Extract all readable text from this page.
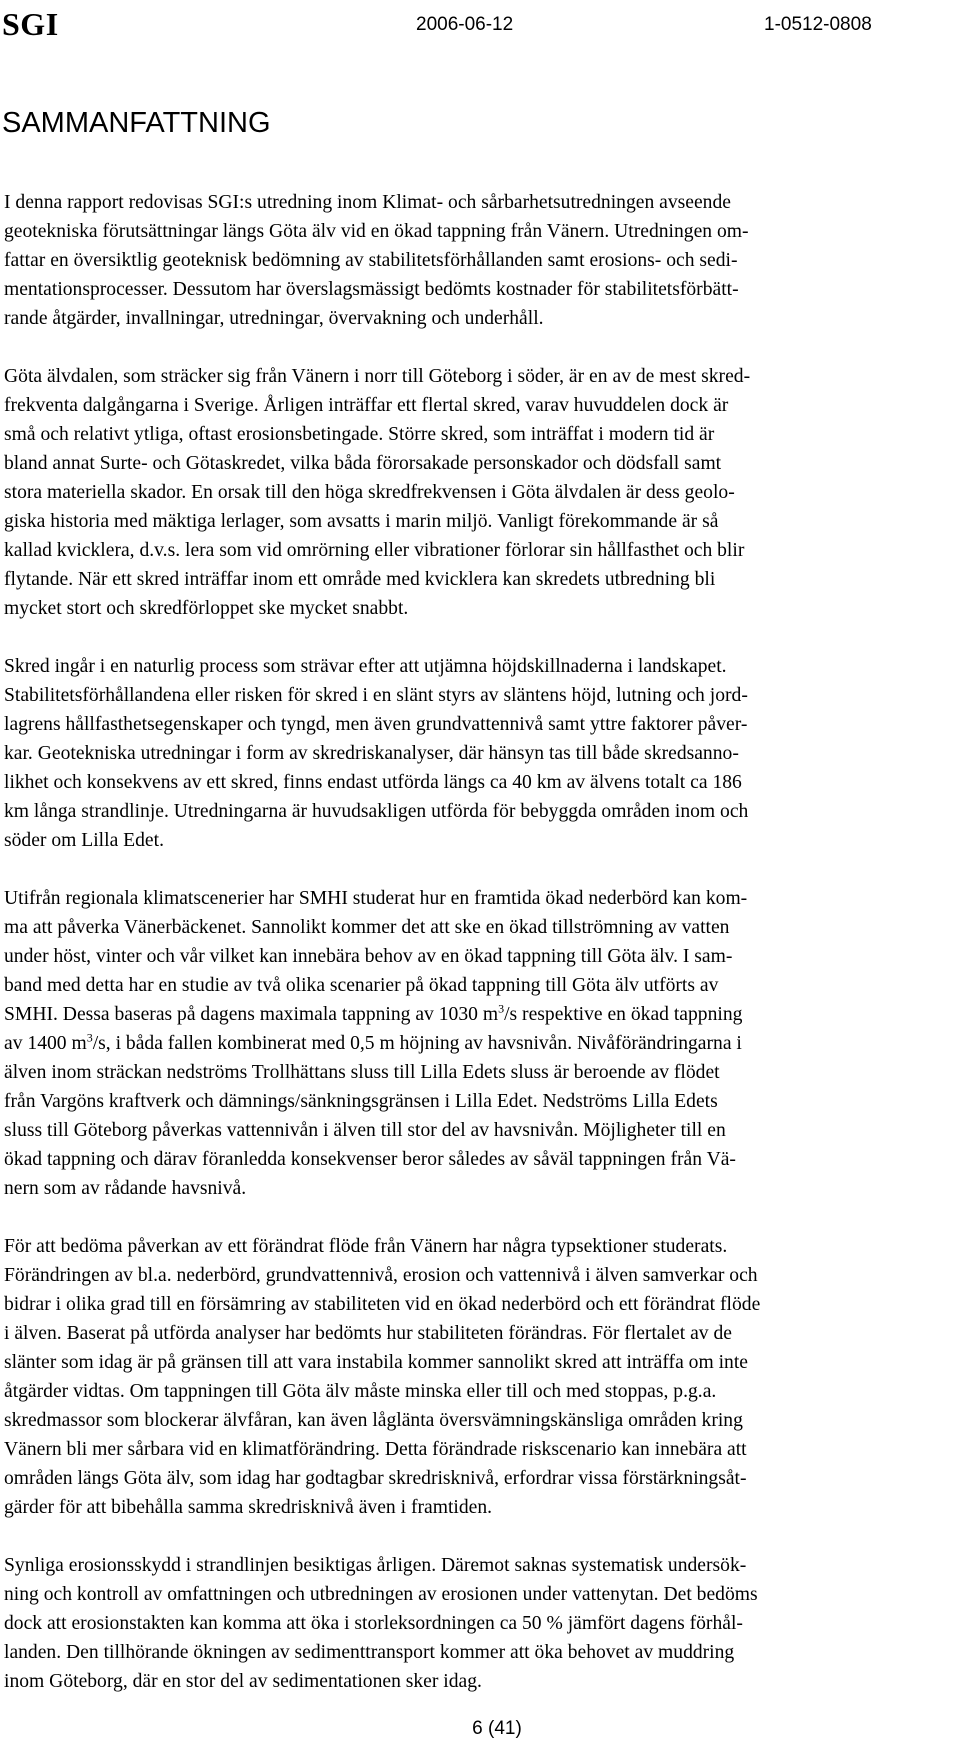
SGI	2006-06-12	1-0512-0808
SAMMANFATTNING

I denna rapport redovisas SGI:s utredning inom Klimat- och sårbarhetsutredningen avseende
geotekniska förutsättningar längs Göta älv vid en ökad tappning från Vänern. Utredningen om-
fattar en översiktlig geoteknisk bedömning av stabilitetsförhållanden samt erosions- och sedi-
mentationsprocesser. Dessutom har överslagsmässigt bedömts kostnader för stabilitetsförbätt-
rande åtgärder, invallningar, utredningar, övervakning och underhåll.

Göta älvdalen, som sträcker sig från Vänern i norr till Göteborg i söder, är en av de mest skred-
frekventa dalgångarna i Sverige. Årligen inträffar ett flertal skred, varav huvuddelen dock är
små och relativt ytliga, oftast erosionsbetingade. Större skred, som inträffat i modern tid är
bland annat Surte- och Götaskredet, vilka båda förorsakade personskador och dödsfall samt
stora materiella skador. En orsak till den höga skredfrekvensen i Göta älvdalen är dess geolo-
giska historia med mäktiga lerlager, som avsatts i marin miljö. Vanligt förekommande är så
kallad kvicklera, d.v.s. lera som vid omrörning eller vibrationer förlorar sin hållfasthet och blir
flytande. När ett skred inträffar inom ett område med kvicklera kan skredets utbredning bli
mycket stort och skredförloppet ske mycket snabbt.

Skred ingår i en naturlig process som strävar efter att utjämna höjdskillnaderna i landskapet.
Stabilitetsförhållandena eller risken för skred i en slänt styrs av släntens höjd, lutning och jord-
lagrens hållfasthetsegenskaper och tyngd, men även grundvattennivå samt yttre faktorer påver-
kar. Geotekniska utredningar i form av skredriskanalyser, där hänsyn tas till både skredsanno-
likhet och konsekvens av ett skred, finns endast utförda längs ca 40 km av älvens totalt ca 186
km långa strandlinje. Utredningarna är huvudsakligen utförda för bebyggda områden inom och
söder om Lilla Edet.

Utifrån regionala klimatscenerier har SMHI studerat hur en framtida ökad nederbörd kan kom-
ma att påverka Vänerbäckenet. Sannolikt kommer det att ske en ökad tillströmning av vatten
under höst, vinter och vår vilket kan innebära behov av en ökad tappning till Göta älv. I sam-
band med detta har en studie av två olika scenarier på ökad tappning till Göta älv utförts av
SMHI. Dessa baseras på dagens maximala tappning av 1030 $m^3/s$ respektive en ökad tappning
av 1400 $m^3/s$, i båda fallen kombinerat med 0,5 m höjning av havsnivån. Nivåförändringarna i
älven inom sträckan nedströms Trollhättans sluss till Lilla Edets sluss är beroende av flödet
från Vargöns kraftverk och dämnings/sänkningsgränsen i Lilla Edet. Nedströms Lilla Edets
sluss till Göteborg påverkas vattennivån i älven till stor del av havsnivån. Möjligheter till en
ökad tappning och därav föranledda konsekvenser beror således av såväl tappningen från Vä-
nern som av rådande havsnivå.

För att bedöma påverkan av ett förändrat flöde från Vänern har några typsektioner studerats.
Förändringen av bl.a. nederbörd, grundvattennivå, erosion och vattennivå i älven samverkar och
bidrar i olika grad till en försämring av stabiliteten vid en ökad nederbörd och ett förändrat flöde
i älven. Baserat på utförda analyser har bedömts hur stabiliteten förändras. För flertalet av de
slänter som idag är på gränsen till att vara instabila kommer sannolikt skred att inträffa om inte
åtgärder vidtas. Om tappningen till Göta älv måste minska eller till och med stoppas, p.g.a.
skredmassor som blockerar älvfåran, kan även låglänta översvämningskänsliga områden kring
Vänern bli mer sårbara vid en klimatförändring. Detta förändrade riskscenario kan innebära att
områden längs Göta älv, som idag har godtagbar skredrisknivå, erfordrar vissa förstärkningsåt-
gärder för att bibehålla samma skredrisknivå även i framtiden.

Synliga erosionsskydd i strandlinjen besiktigas årligen. Däremot saknas systematisk undersök-
ning och kontroll av omfattningen och utbredningen av erosionen under vattenytan. Det bedöms
dock att erosionstakten kan komma att öka i storleksordningen ca 50 % jämfört dagens förhål-
landen. Den tillhörande ökningen av sedimenttransport kommer att öka behovet av muddring
inom Göteborg, där en stor del av sedimentationen sker idag.

6 (41)
